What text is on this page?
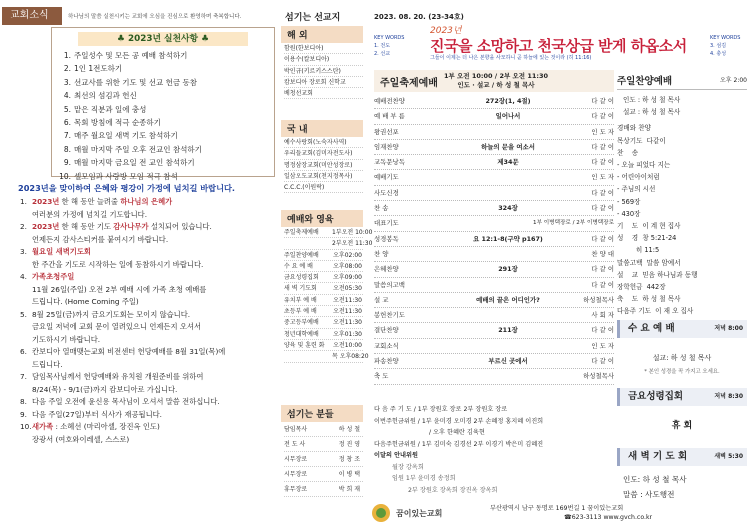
교회소식	하나님의 말씀 실천시키는 교회에 오심을 진심으로 환영하며 축복합니다.
♣ 2023년 실천사항 ♣
1. 주일성수 및 모든 공 예배 참석하기
2. 1인 1전도하기
3. 선교사를 위한 기도 및 선교 헌금 동참
4. 최선의 섬김과 헌신
5. 맡은 직분과 일에 충성
6. 목회 방침에 적극 순종하기
7. 매주 월요일 새벽 기도 참석하기
8. 매월 마지막 주일 오후 전교인 참석하기
9. 매월 마지막 금요일 전 교인 참석하기
10. 셀모임과 사랑방 모임 적극 참석
2023년을 맞이하여 은혜와 평강이 가정에 넘치길 바랍니다.
1. 2023년 한 해 동안 늘려줄 하나님의 은혜가
여러분의 가정에 넘치길 기도합니다.
2. 2023년 한 해 동안 기도 감사나무가 설치되어 있습니다.
언제든지 감사스티커를 붙여시기 바랍니다.
3. 월요일 새벽기도회
한 주간을 기도로 시작하는 일에 동참하시기 바랍니다.
4. 가족초청주일
11월 26일(주일) 오전 2부 예배 시에 가족 초청 예배를
드립니다. (Home Coming 주일)
5. 8월 25일(금)까지 금요기도회는 모이지 않습니다.
금요일 저녁에 교회 문이 열려있으니 언제든지 오셔서
기도하시기 바랍니다.
6. 칸보디아 열매맺는교회 비전센터 헌당예배를 8월 31일(목)에
드립니다.
7. 담임목사님께서 헌당예배와 유치원 개원준비를 위하여
8/24(목) - 9/1(금)까지 캄보디아로 가십니다.
8. 다음 주일 오전에 윤신용 목사님이 오셔서 말씀 전하십니다.
9. 다음 주일(27일)부터 식사가 재공됩니다.
10.새가족 : 소혜선 (마리아셀, 장진옥 인도)
장광서 (여호와이레셀, 스스로)
섬기는 선교지
해 외
함원(한보디아)
이용수(칼보디아)
박인규(키르키스스탄)
캄보디아 장로회 신학교
베청선교회
국 내
예수사랑회(노숙자사역)
우리들교회(김미자전도사)
명정삼장교회(미안성장로)
일삼오도교회(천지정목사)
C.C.C.(이원락)
예배와 영육
주일축제예배	1부오전 10:00
2부오전 11:30
주일찬양예배	오후02:00
수 요 예 배	오후08:00
금요성령집회	오후09:00
새 벽 기도회	오전05:30
유치부 예 배	오전11:30
초등부 예 배	오전11:30
중고등부예배	오전11:30
청년대학예배	오후01:30
양육 및 훈련 화	오전10:00
목 오후08:20
섬기는 분들
담임목사	하 성 철
전 도 사	정 진 영
시무장로	정 창 조
시무장로	이 병 택
휴무장로	박 희 재
2023. 08. 20. (23-34호)
KEY WORDS
1. 전도
2. 선교
2023년
진국을 소망하고 천국상급 받게 하옵소서	KEY WORDS
3. 섬김
4. 충성
그들이 이제는 더 나은 본향을 사모하니 곧 하늘에 있는 것이라 (히 11:16)
주일축제예배
1부 오전 10:00 / 2부 오전 11:30
인도 · 설교 / 하 성 철 목사
예배전찬양	272장(1, 4절)	다 같 이
예 배 부 름	일어나서	다 같 이
왕권선포	인 도 자
임재찬양	하늘의 문을 여소서	다 같 이
교독문낭독	제34문	다 같 이
예배기도	인 도 자
사도신경	다 같 이
찬 송	324장	다 같 이
대표기도	1부 이병택장로 / 2부 이병택장로
성경봉독	요 12:1-8(구약 p167)	다 같 이
찬 양	찬 양 대
은혜찬양	291장	다 같 이
말씀의고백	다 같 이
설 교	예배의 끝은 어디인가?	하성철목사
봉헌찬기도	사 회 자
결단찬양	211장	다 같 이
교회소식	인 도 자
파송찬양	부르신 곳에서	다 같 이
축 도	하성철목사
다 음 주 기 도 / 1부 장원호 장로 2부 장원호 장로
이번주헌금위원 / 1부 윤미경 오미경 2부 손혜정 홍지혜 이진희
/ 오후 한혜란 김육현
다음주헌금위원 / 1부 김미숙 김경선 2부 이경기 박은미 김혜진
이달의 안내위원
월장 강옥희
임원 1부 윤미경 송정희
2부 장원호 장옥희 장진옥 장옥희
꿈이있는교회	부산광역시 남구 동명로 169번길 1 꿈이있는교회
☎623-3113 www.gvch.co.kr
주일찬양예배	오후 2:00
인도 : 하 성 철 목사
설교 : 하 성 철 목사
경배와 찬양
목상기도  다같이
찬    송
- 오늘 피었다 지는
- 어린아이처럼
- 주님의 시선
- 569장
- 430장
기    도  이 계 현 집사
성    경  창 5:21-24
히 11:5
말씀고백  말씀 암예서
설    교  믿음 하나님과 동행
장학헌금  442장
축    도  하 성 철 목사
다음주 기도  이 재 오 집사
수 요 예 배	저녁 8:00
설교: 하 성 철 목사
* 본인 성경을 꼭 가지고 오세요.
금요성령집회	저녁 8:30
휴 회
새 벽 기 도 회	새벽 5:30
인도: 하 성 철 목사
말씀 : 사도행전
